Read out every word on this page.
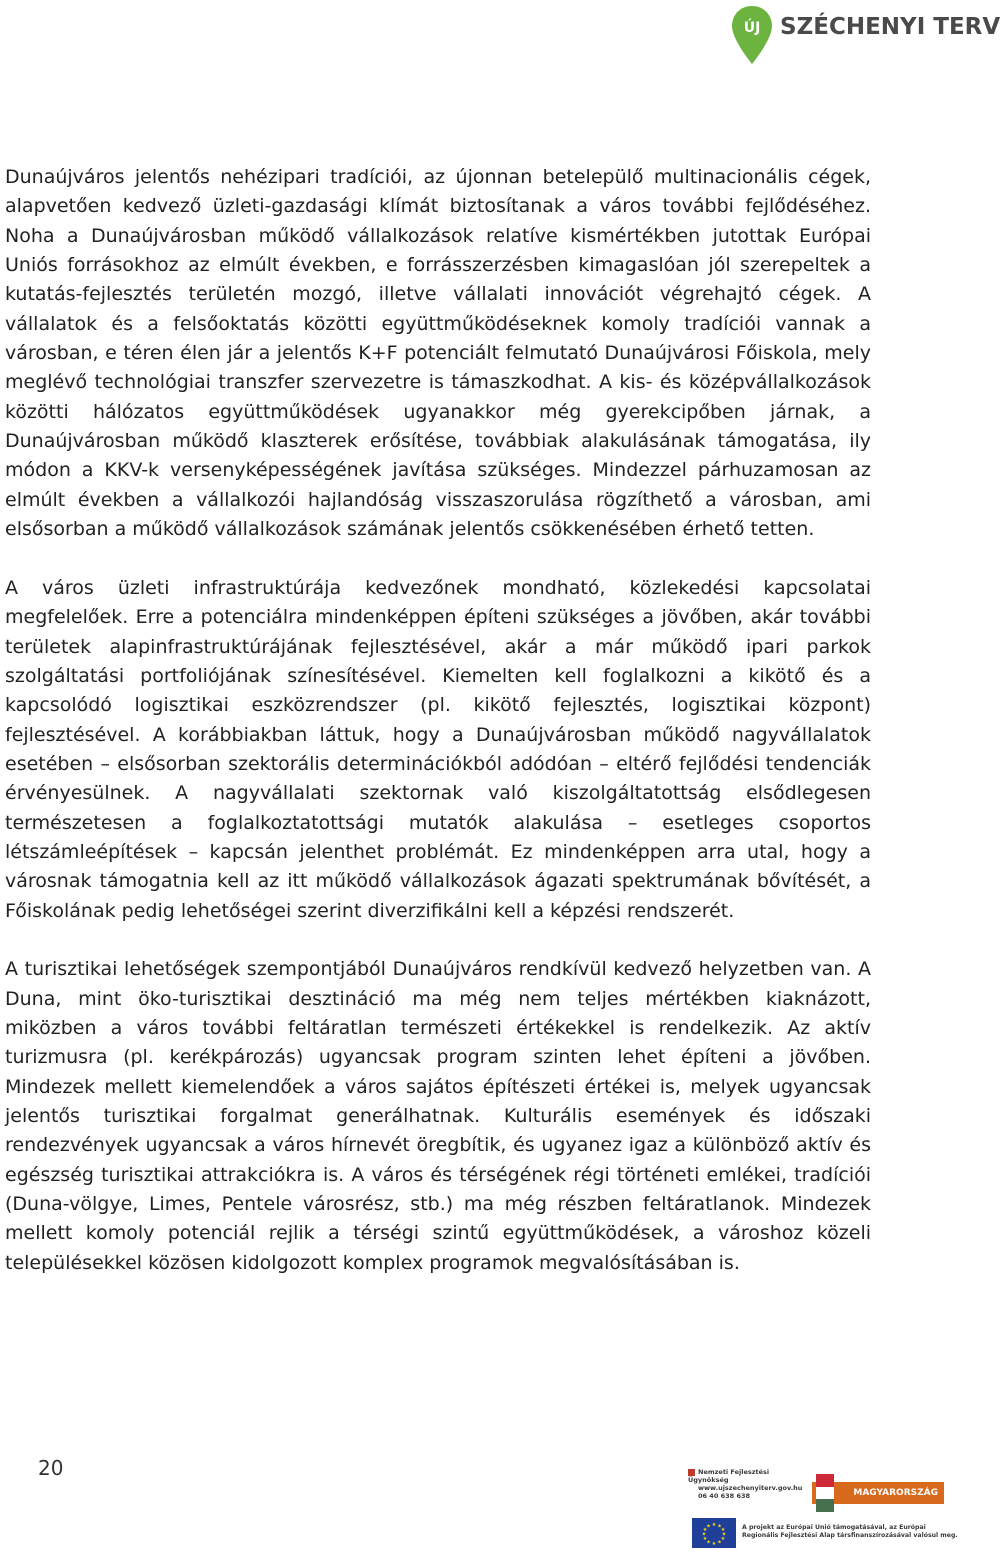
ÚJ SZÉCHENYI TERV

Dunaújváros jelentős nehézipari tradíciói, az újonnan betelepülő multinacionális cégek, alapvetően kedvező üzleti-gazdasági klímát biztosítanak a város további fejlődéséhez. Noha a Dunaújvárosban működő vállalkozások relatíve kismértékben jutottak Európai Uniós forrásokhoz az elmúlt években, e forrásszerzésben kimagaslóan jól szerepeltek a kutatás-fejlesztés területén mozgó, illetve vállalati innovációt végrehajtó cégek. A vállalatok és a felsőoktatás közötti együttműködéseknek komoly tradíciói vannak a városban, e téren élen jár a jelentős K+F potenciált felmutató Dunaújvárosi Főiskola, mely meglévő technológiai transzfer szervezetre is támaszkodhat. A kis- és középvállalkozások közötti hálózatos együttműködések ugyanakkor még gyerekcipőben járnak, a Dunaújvárosban működő klaszterek erősítése, továbbiak alakulásának támogatása, ily módon a KKV-k versenyképességének javítása szükséges. Mindezzel párhuzamosan az elmúlt években a vállalkozói hajlandóság visszaszorulása rögzíthető a városban, ami elsősorban a működő vállalkozások számának jelentős csökkenésében érhető tetten.

A város üzleti infrastruktúrája kedvezőnek mondható, közlekedési kapcsolatai megfelelőek. Erre a potenciálra mindenképpen építeni szükséges a jövőben, akár további területek alapinfrastruktúrájának fejlesztésével, akár a már működő ipari parkok szolgáltatási portfoliójának színesítésével. Kiemelten kell foglalkozni a kikötő és a kapcsolódó logisztikai eszközrendszer (pl. kikötő fejlesztés, logisztikai központ) fejlesztésével. A korábbiakban láttuk, hogy a Dunaújvárosban működő nagyvállalatok esetében – elsősorban szektorális determinációkból adódóan – eltérő fejlődési tendenciák érvényesülnek. A nagyvállalati szektornak való kiszolgáltatottság elsődlegesen természetesen a foglalkoztatottsági mutatók alakulása – esetleges csoportos létszámleépítések – kapcsán jelenthet problémát. Ez mindenképpen arra utal, hogy a városnak támogatnia kell az itt működő vállalkozások ágazati spektrumának bővítését, a Főiskolának pedig lehetőségei szerint diverzifikálni kell a képzési rendszerét.

A turisztikai lehetőségek szempontjából Dunaújváros rendkívül kedvező helyzetben van. A Duna, mint öko-turisztikai desztináció ma még nem teljes mértékben kiaknázott, miközben a város további feltáratlan természeti értékekkel is rendelkezik. Az aktív turizmusra (pl. kerékpározás) ugyancsak program szinten lehet építeni a jövőben. Mindezek mellett kiemelendőek a város sajátos építészeti értékei is, melyek ugyancsak jelentős turisztikai forgalmat generálhatnak. Kulturális események és időszaki rendezvények ugyancsak a város hírnevét öregbítik, és ugyanez igaz a különböző aktív és egészség turisztikai attrakciókra is. A város és térségének régi történeti emlékei, tradíciói (Duna-völgye, Limes, Pentele városrész, stb.) ma még részben feltáratlanok. Mindezek mellett komoly potenciál rejlik a térségi szintű együttműködések, a városhoz közeli településekkel közösen kidolgozott komplex programok megvalósításában is.

20	Nemzeti Fejlesztési Ügynökség
www.ujszechenyiterv.gov.hu
06 40 638 638	MAGYARORSZÁG MEGÚJUL
★ ★
★
★
★
★
★
★
★
★
★
★	A projekt az Európai Unió támogatásával, az Európai
Regionális Fejlesztési Alap társfinanszírozásával valósul meg.
